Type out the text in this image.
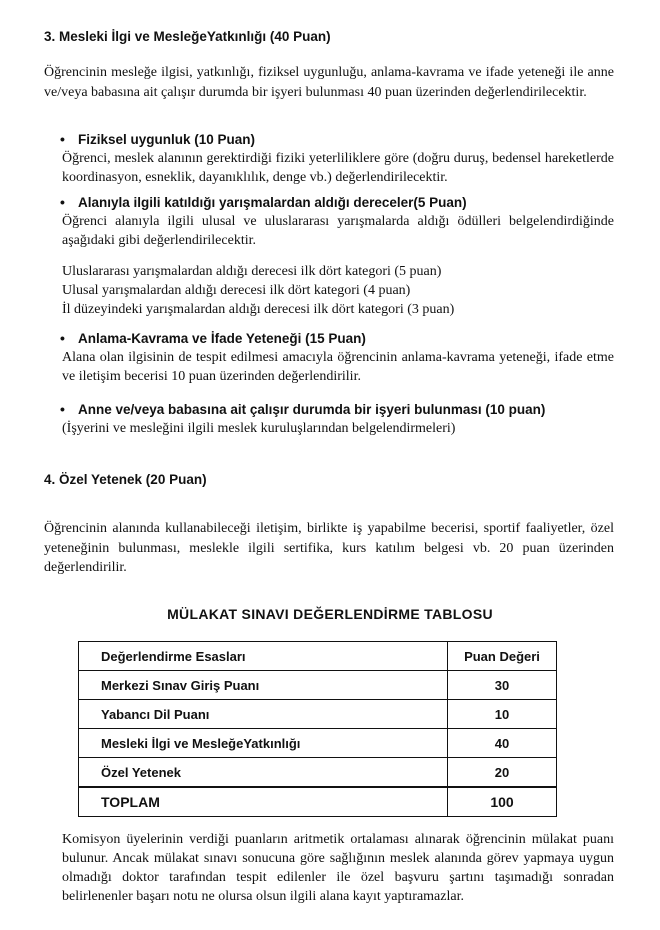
3. Mesleki İlgi ve MesleğeYatkınlığı (40 Puan)
Öğrencinin mesleğe ilgisi, yatkınlığı, fiziksel uygunluğu, anlama-kavrama ve ifade yeteneği ile anne ve/veya babasına ait çalışır durumda bir işyeri bulunması 40 puan üzerinden değerlendirilecektir.
• Fiziksel uygunluk (10 Puan)
Öğrenci, meslek alanının gerektirdiği fiziki yeterliliklere göre (doğru duruş, bedensel hareketlerde koordinasyon, esneklik, dayanıklılık, denge vb.) değerlendirilecektir.
• Alanıyla ilgili katıldığı yarışmalardan aldığı dereceler(5 Puan)
Öğrenci alanıyla ilgili ulusal ve uluslararası yarışmalarda aldığı ödülleri belgelendirdiğinde aşağıdaki gibi değerlendirilecektir.
Uluslararası yarışmalardan aldığı derecesi ilk dört kategori (5 puan)
Ulusal yarışmalardan aldığı derecesi ilk dört kategori (4 puan)
İl düzeyindeki yarışmalardan aldığı derecesi ilk dört kategori (3 puan)
• Anlama-Kavrama ve İfade Yeteneği (15 Puan)
Alana olan ilgisinin de tespit edilmesi amacıyla öğrencinin anlama-kavrama yeteneği, ifade etme ve iletişim becerisi 10 puan üzerinden değerlendirilir.
• Anne ve/veya babasına ait çalışır durumda bir işyeri bulunması (10 puan)
(İşyerini ve mesleğini ilgili meslek kuruluşlarından belgelendirmeleri)
4. Özel Yetenek (20 Puan)
Öğrencinin alanında kullanabileceği iletişim, birlikte iş yapabilme becerisi, sportif faaliyetler, özel yeteneğinin bulunması, meslekle ilgili sertifika, kurs katılım belgesi vb. 20 puan üzerinden değerlendirilir.
MÜLAKAT SINAVI DEĞERLENDİRME TABLOSU
Değerlendirme Esasları	Puan Değeri
Merkezi Sınav Giriş Puanı	30
Yabancı Dil Puanı	10
Mesleki İlgi ve MesleğeYatkınlığı	40
Özel Yetenek	20
TOPLAM	100
Komisyon üyelerinin verdiği puanların aritmetik ortalaması alınarak öğrencinin mülakat puanı bulunur. Ancak mülakat sınavı sonucuna göre sağlığının meslek alanında görev yapmaya uygun olmadığı doktor tarafından tespit edilenler ile özel başvuru şartını taşımadığı sonradan belirlenenler başarı notu ne olursa olsun ilgili alana kayıt yaptıramazlar.
